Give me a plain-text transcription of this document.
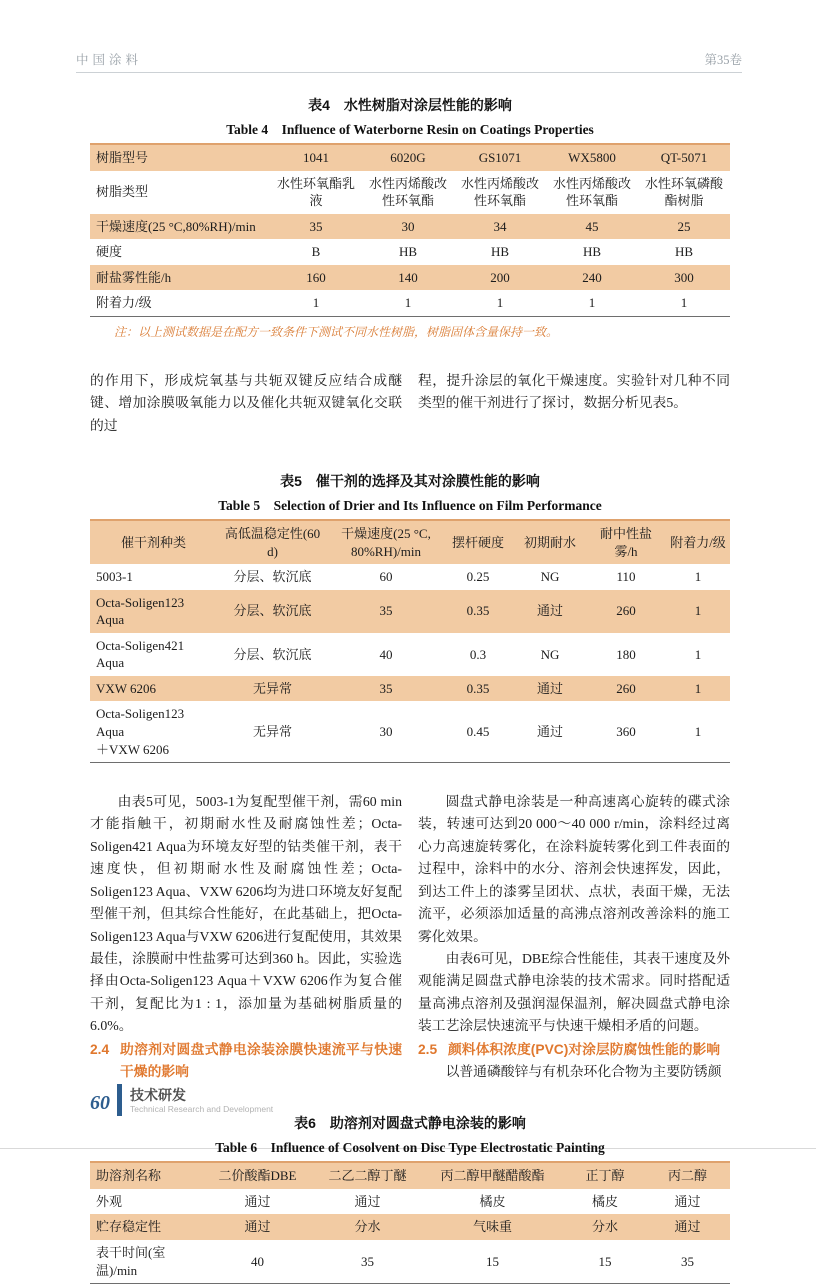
中国涂料	第35卷
表4　水性树脂对涂层性能的影响
Table 4　Influence of Waterborne Resin on Coatings Properties
树脂型号	1041	6020G	GS1071	WX5800	QT-5071
树脂类型	水性环氧酯乳液	水性丙烯酸改性环氧酯	水性丙烯酸改性环氧酯	水性丙烯酸改性环氧酯	水性环氧磷酸酯树脂
干燥速度(25 °C,80%RH)/min	35	30	34	45	25
硬度	B	HB	HB	HB	HB
耐盐雾性能/h	160	140	200	240	300
附着力/级	1	1	1	1	1
注：以上测试数据是在配方一致条件下测试不同水性树脂，树脂固体含量保持一致。

的作用下，形成烷氧基与共轭双键反应结合成醚键、增加涂膜吸氧能力以及催化共轭双键氧化交联的过

程，提升涂层的氧化干燥速度。实验针对几种不同类型的催干剂进行了探讨，数据分析见表5。

表5　催干剂的选择及其对涂膜性能的影响
Table 5　Selection of Drier and Its Influence on Film Performance
催干剂种类	高低温稳定性(60 d)	干燥速度(25 °C,
80%RH)/min	摆杆硬度	初期耐水	耐中性盐雾/h	附着力/级
5003-1	分层、软沉底	60	0.25	NG	110	1
Octa-Soligen123 Aqua	分层、软沉底	35	0.35	通过	260	1
Octa-Soligen421 Aqua	分层、软沉底	40	0.3	NG	180	1
VXW 6206	无异常	35	0.35	通过	260	1
Octa-Soligen123 Aqua
＋VXW 6206	无异常	30	0.45	通过	360	1

由表5可见，5003-1为复配型催干剂，需60 min才能指触干，初期耐水性及耐腐蚀性差；Octa-Soligen421 Aqua为环境友好型的钴类催干剂，表干速度快，但初期耐水性及耐腐蚀性差；Octa-Soligen123 Aqua、VXW 6206均为进口环境友好复配型催干剂，但其综合性能好，在此基础上，把Octa-Soligen123 Aqua与VXW 6206进行复配使用，其效果最佳，涂膜耐中性盐雾可达到360 h。因此，实验选择由Octa-Soligen123 Aqua＋VXW 6206作为复合催干剂，复配比为1 : 1，添加量为基础树脂质量的6.0%。

2.4 助溶剂对圆盘式静电涂装涂膜快速流平与快速干燥的影响

圆盘式静电涂装是一种高速离心旋转的碟式涂装，转速可达到20 000～40 000 r/min，涂料经过离心力高速旋转雾化，在涂料旋转雾化到工件表面的过程中，涂料中的水分、溶剂会快速挥发，因此，到达工件上的漆雾呈团状、点状，表面干燥，无法流平，必须添加适量的高沸点溶剂改善涂料的施工雾化效果。

由表6可见，DBE综合性能佳，其表干速度及外观能满足圆盘式静电涂装的技术需求。同时搭配适量高沸点溶剂及强润湿保温剂，解决圆盘式静电涂装工艺涂层快速流平与快速干燥相矛盾的问题。

2.5 颜料体积浓度(PVC)对涂层防腐蚀性能的影响

以普通磷酸锌与有机杂环化合物为主要防锈颜

表6　助溶剂对圆盘式静电涂装的影响
Table 6　Influence of Cosolvent on Disc Type Electrostatic Painting
助溶剂名称	二价酸酯DBE	二乙二醇丁醚	丙二醇甲醚醋酸酯	正丁醇	丙二醇
外观	通过	通过	橘皮	橘皮	通过
贮存稳定性	通过	分水	气味重	分水	通过
表干时间(室温)/min	40	35	15	15	35
60 技术研发
Technical Research and Development
